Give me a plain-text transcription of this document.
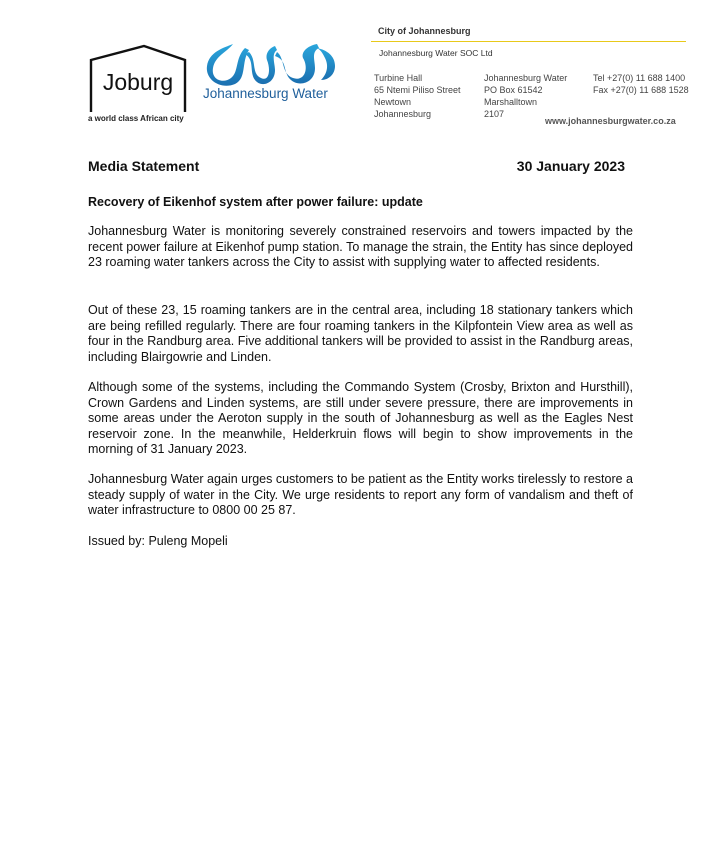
Joburg
a world class African city
Johannesburg Water
City of Johannesburg
Johannesburg Water SOC Ltd
Turbine Hall
65 Ntemi Piliso Street
Newtown
Johannesburg
Johannesburg Water
PO Box 61542
Marshalltown
2107
Tel +27(0) 11 688 1400
Fax +27(0) 11 688 1528
www.johannesburgwater.co.za
Media Statement	30 January 2023
Recovery of Eikenhof system after power failure: update
Johannesburg Water is monitoring severely constrained reservoirs and towers impacted by the recent power failure at Eikenhof pump station. To manage the strain, the Entity has since deployed 23 roaming water tankers across the City to assist with supplying water to affected residents.
Out of these 23, 15 roaming tankers are in the central area, including 18 stationary tankers which are being refilled regularly. There are four roaming tankers in the Kilpfontein View area as well as four in the Randburg area. Five additional tankers will be provided to assist in the Randburg areas, including Blairgowrie and Linden.
Although some of the systems, including the Commando System (Crosby, Brixton and Hursthill), Crown Gardens and Linden systems, are still under severe pressure, there are improvements in some areas under the Aeroton supply in the south of Johannesburg as well as the Eagles Nest reservoir zone. In the meanwhile, Helderkruin flows will begin to show improvements in the morning of 31 January 2023.
Johannesburg Water again urges customers to be patient as the Entity works tirelessly to restore a steady supply of water in the City. We urge residents to report any form of vandalism and theft of water infrastructure to 0800 00 25 87.
Issued by: Puleng Mopeli
